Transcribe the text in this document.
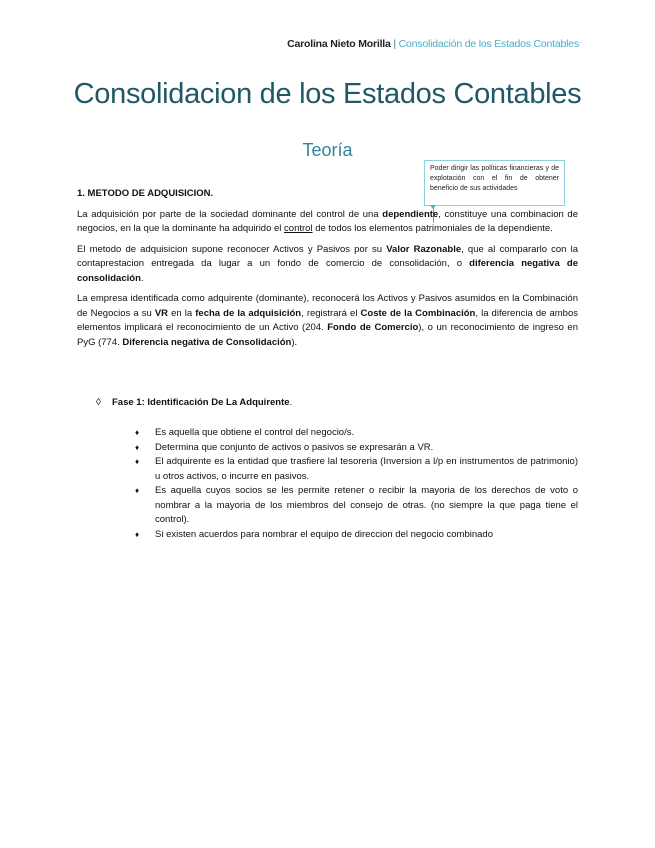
Carolina Nieto Morilla | Consolidación de los Estados Contables
Consolidacion de los Estados Contables
Teoría
Poder dirigir las políticas financieras y de explotación con el fin de obtener beneficio de sus actividades
1. METODO DE ADQUISICION.

La adquisición por parte de la sociedad dominante del control de una dependiente, constituye una combinacion de negocios, en la que la dominante ha adquirido el control de todos los elementos patrimoniales de la dependiente.

El metodo de adquisicion supone reconocer Activos y Pasivos por su Valor Razonable, que al compararlo con la contaprestacion entregada da lugar a un fondo de comercio de consolidación, o diferencia negativa de consolidación.

La empresa identificada como adquirente (dominante), reconocerá los Activos y Pasivos asumidos en la Combinación de Negocios a su VR en la fecha de la adquisición, registrará el Coste de la Combinación, la diferencia de ambos elementos implicará el reconocimiento de un Activo (204. Fondo de Comercio), o un reconocimiento de ingreso en PyG (774. Diferencia negativa de Consolidación).

◊ Fase 1: Identificación De La Adquirente.
♦ Es aquella que obtiene el control del negocio/s.
♦ Determina que conjunto de activos o pasivos se expresarán a VR.
♦ El adquirente es la entidad que trasfiere lal tesoreria (Inversion a l/p en instrumentos de patrimonio) u otros activos, o incurre en pasivos.
♦ Es aquella cuyos socios se les permite retener o recibir la mayoria de los derechos de voto o nombrar a la mayoria de los miembros del consejo de otras. (no siempre la que paga tiene el control).
♦ Si existen acuerdos para nombrar el equipo de direccion del negocio combinado
